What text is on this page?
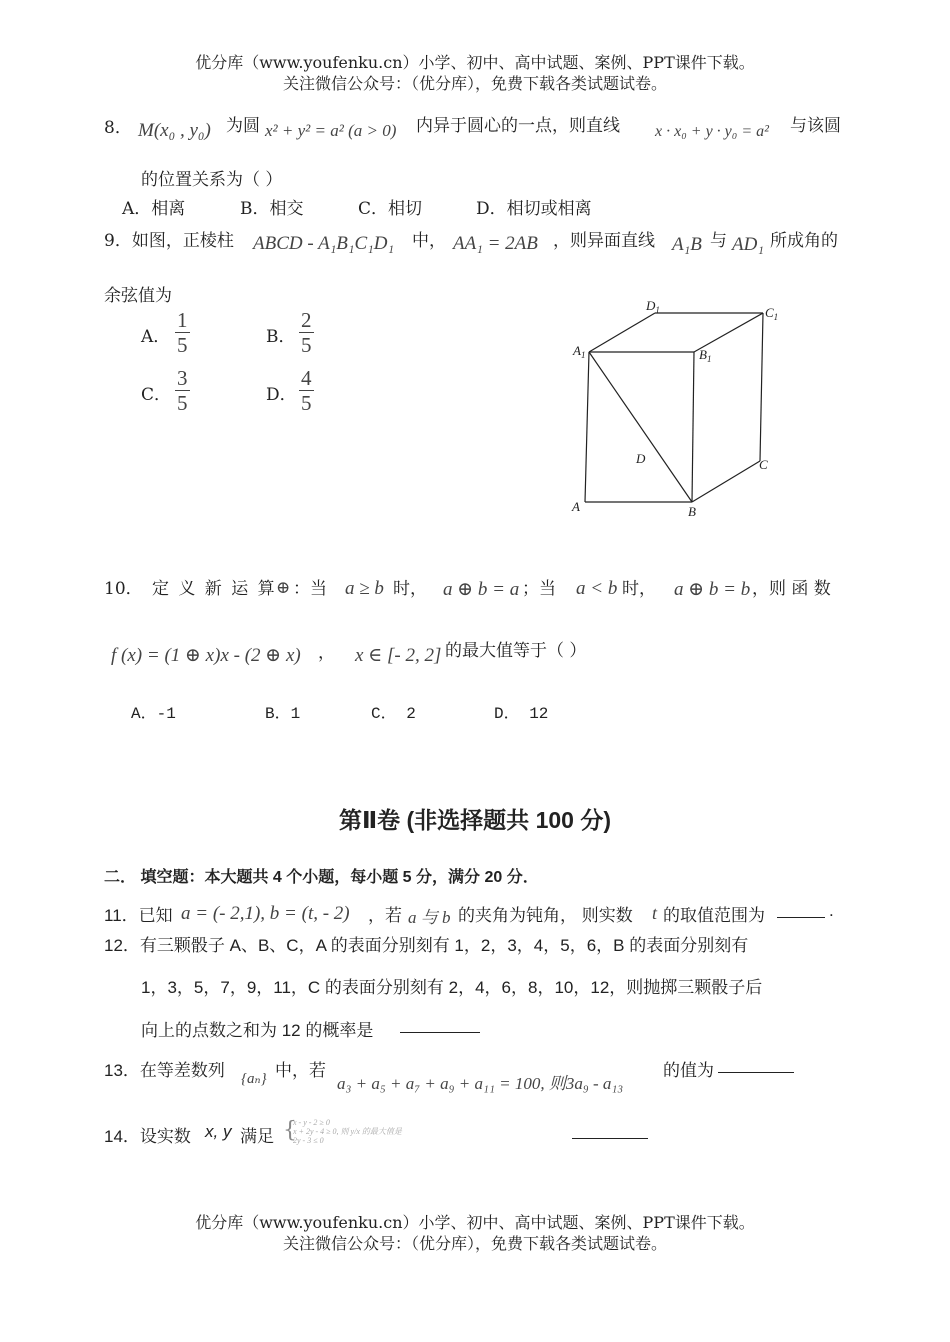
优分库（www.youfenku.cn）小学、初中、高中试题、案例、PPT课件下载。
关注微信公众号：（优分库），免费下载各类试题试卷。
8． M(x₀ , y₀) 为圆 x² + y² = a² (a > 0) 内异于圆心的一点，则直线 x · x₀ + y · y₀ = a² 与该圆
的位置关系为（ ）
A．相离	B．相交	C．相切	D．相切或相离
9．如图，正棱柱 ABCD - A₁B₁C₁D₁ 中， AA₁ = 2AB ，则异面直线 A₁B 与 AD₁ 所成角的
余弦值为
A． $\frac{1}{5}$	B． $\frac{2}{5}$
C． $\frac{3}{5}$	D． $\frac{4}{5}$
$D_1$	$C_1$
$A_1$	$B_1$
D	C
A	B
10． 定 义 新 运 算 ⊕ ：当 a ≥ b 时， a ⊕ b = a ；当 a < b 时， a ⊕ b = b ，则 函 数
f (x) = (1 ⊕ x)x - (2 ⊕ x) ， x ∈ [- 2, 2] 的最大值等于（ ）
A．-1	B．1	C． 2	D． 12
第Ⅱ卷 (非选择题共 100 分)
二． 填空题：本大题共 4 个小题，每小题 5 分，满分 20 分．
11．已知 a = (- 2,1), b = (t, - 2) ，若 a 与 b 的夹角为钝角， 则实数 t 的取值范围为	.
12．有三颗骰子 A、B、C，A 的表面分别刻有 1，2，3，4，5，6，B 的表面分别刻有
1，3，5，7，9，11，C 的表面分别刻有 2，4，6，8，10，12，则抛掷三颗骰子后
向上的点数之和为 12 的概率是
13．在等差数列 {aₙ} 中，若
a₃ + a₅ + a₇ + a₉ + a₁₁ = 100, 则3a₉ - a₁₃
的值为
14．设实数 x, y 满足 {
x - y - 2 ≥ 0
x + 2y - 4 ≥ 0, 则 y/x 的最大值是
2y - 3 ≤ 0
优分库（www.youfenku.cn）小学、初中、高中试题、案例、PPT课件下载。
关注微信公众号：（优分库），免费下载各类试题试卷。
